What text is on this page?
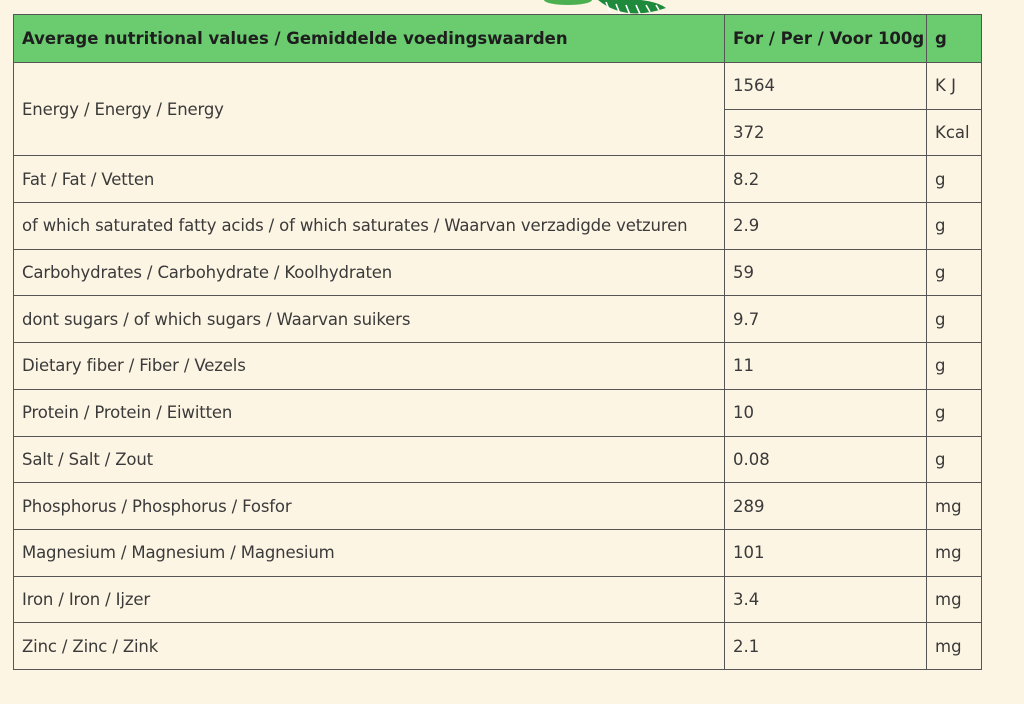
Average nutritional values / Gemiddelde voedingswaarden	For / Per / Voor 100g	g
Energy / Energy / Energy	1564	K J
	372	Kcal
Fat / Fat / Vetten	8.2	g
of which saturated fatty acids / of which saturates / Waarvan verzadigde vetzuren	2.9	g
Carbohydrates / Carbohydrate / Koolhydraten	59	g
dont sugars / of which sugars / Waarvan suikers	9.7	g
Dietary fiber / Fiber / Vezels	11	g
Protein / Protein / Eiwitten	10	g
Salt / Salt / Zout	0.08	g
Phosphorus / Phosphorus / Fosfor	289	mg
Magnesium / Magnesium / Magnesium	101	mg
Iron / Iron / Ijzer	3.4	mg
Zinc / Zinc / Zink	2.1	mg
